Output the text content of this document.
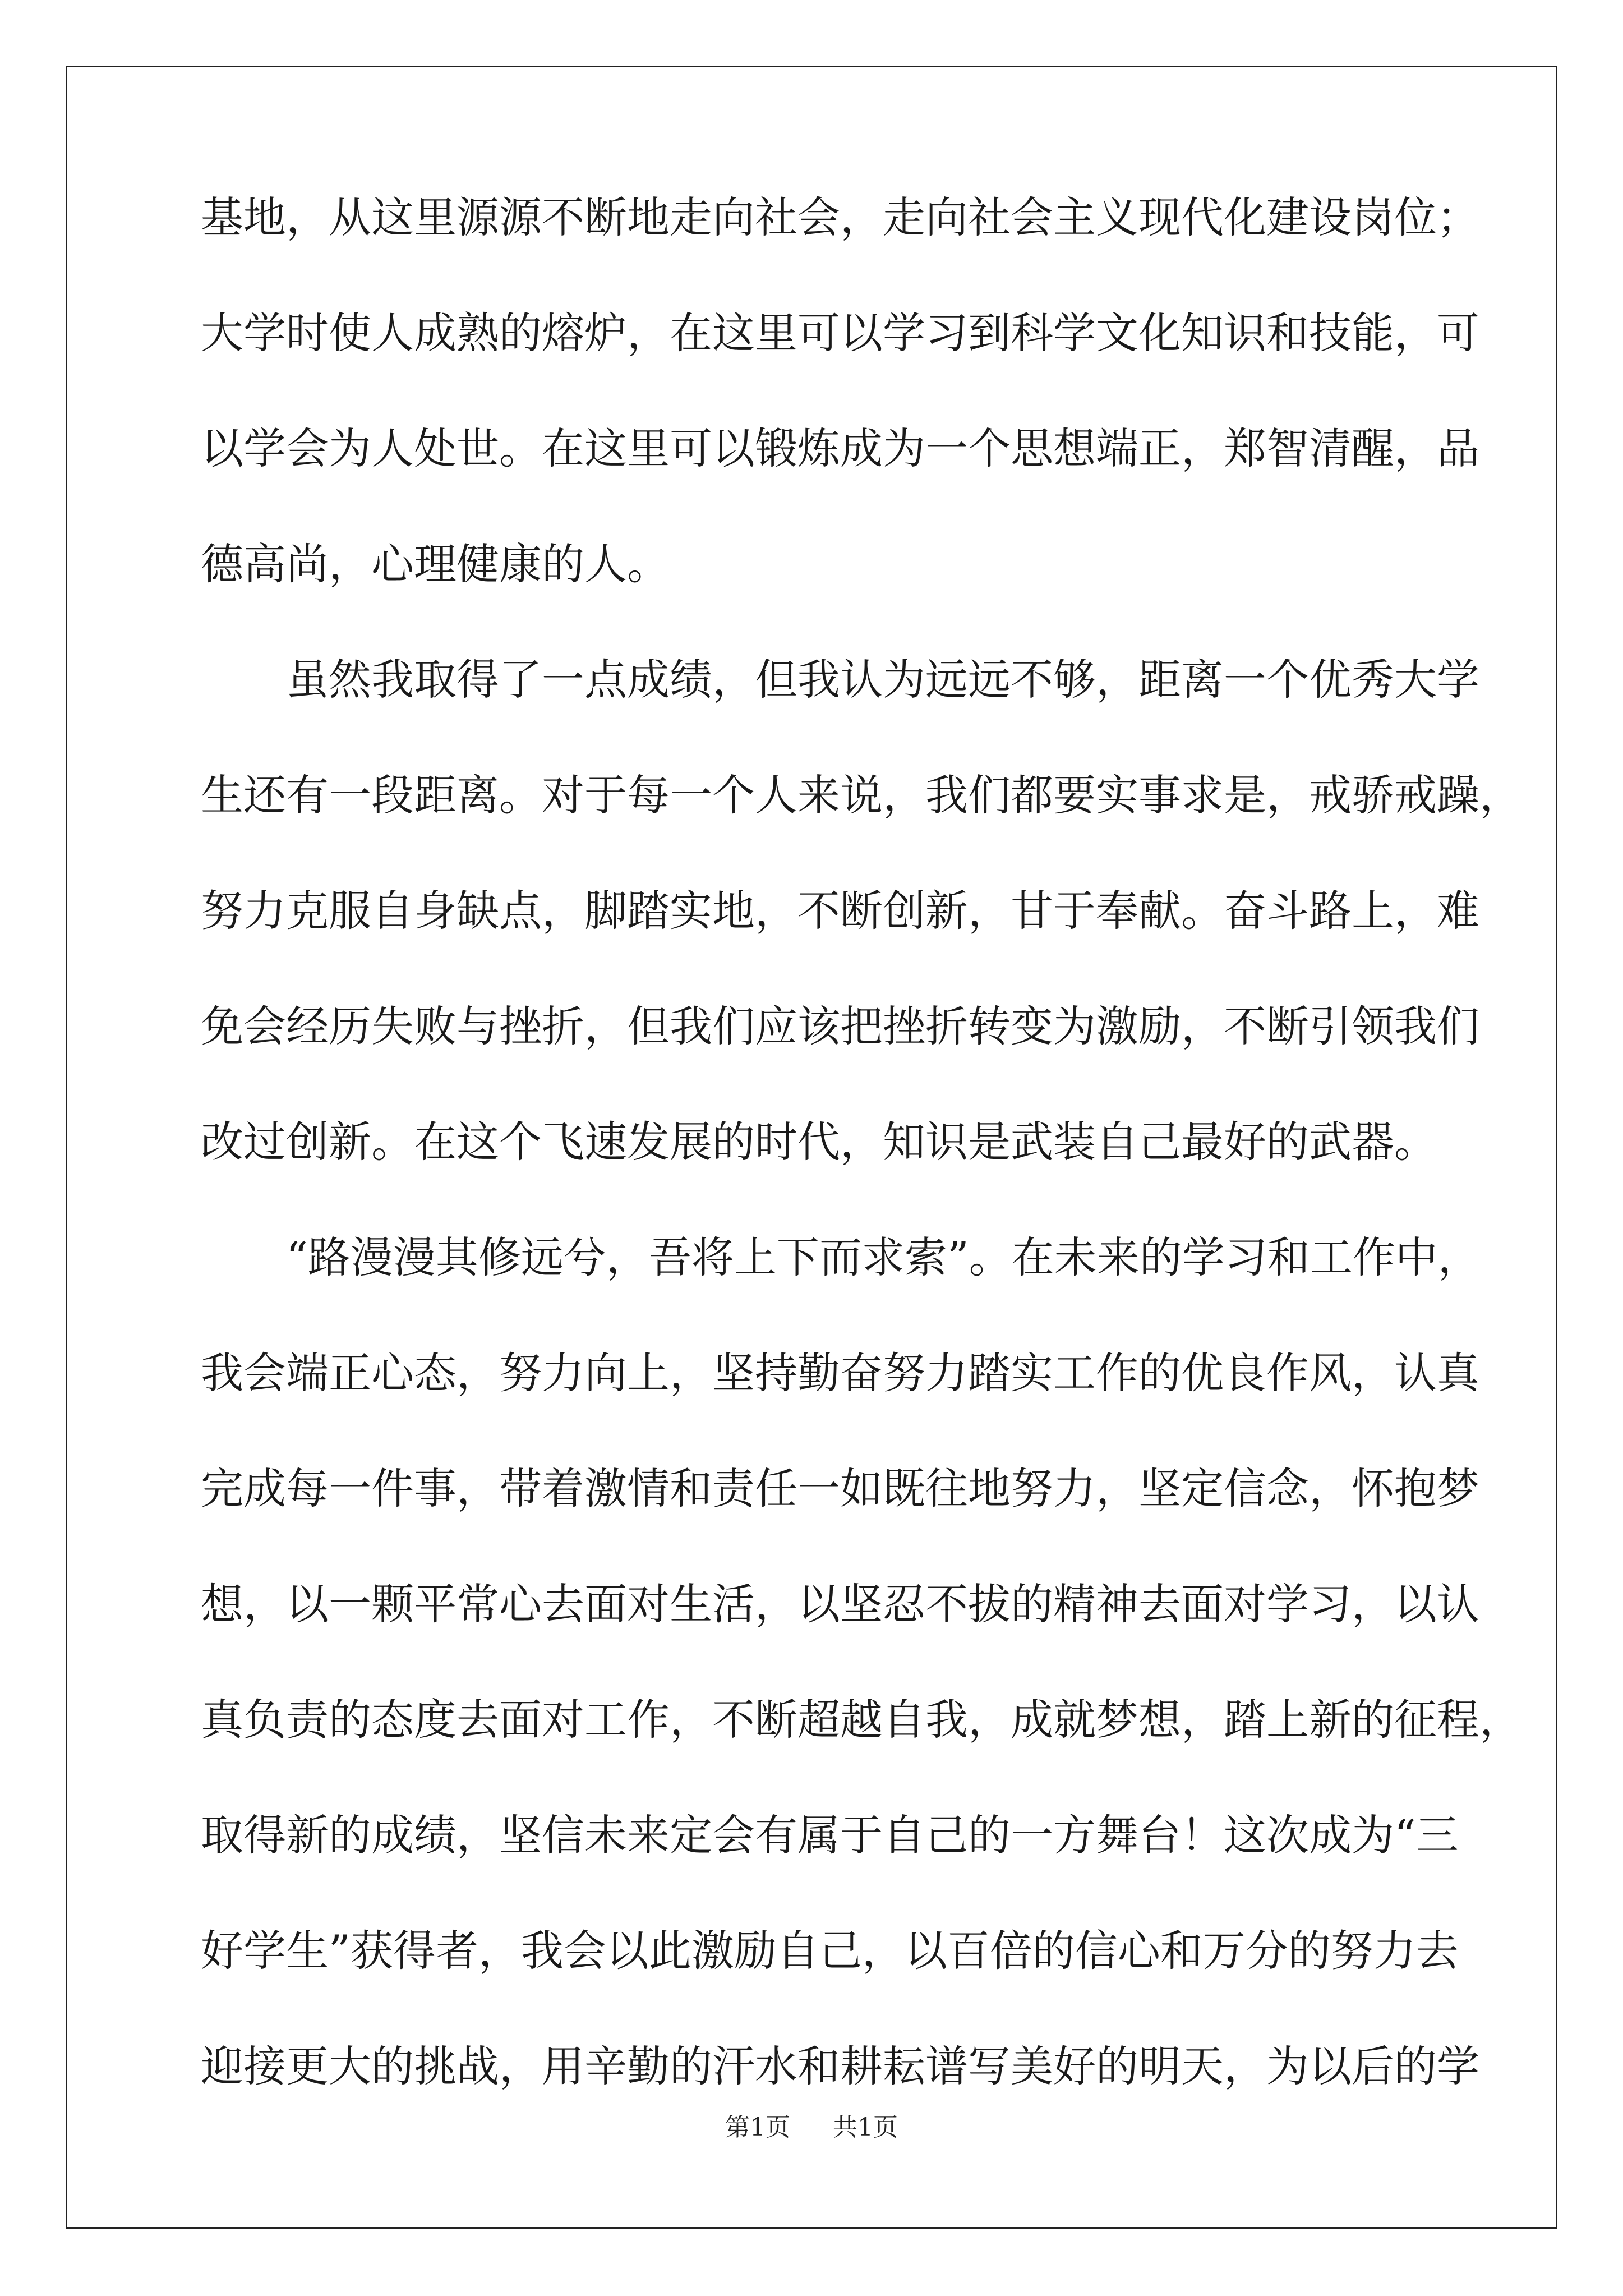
基地，从这里源源不断地走向社会，走向社会主义现代化建设岗位；
大学时使人成熟的熔炉，在这里可以学习到科学文化知识和技能，可
以学会为人处世。在这里可以锻炼成为一个思想端正，郑智清醒，品
德高尚，心理健康的人。
虽然我取得了一点成绩，但我认为远远不够，距离一个优秀大学
生还有一段距离。对于每一个人来说，我们都要实事求是，戒骄戒躁，
努力克服自身缺点，脚踏实地，不断创新，甘于奉献。奋斗路上，难
免会经历失败与挫折，但我们应该把挫折转变为激励，不断引领我们
改过创新。在这个飞速发展的时代，知识是武装自己最好的武器。
“路漫漫其修远兮，吾将上下而求索”。在未来的学习和工作中，
我会端正心态，努力向上，坚持勤奋努力踏实工作的优良作风，认真
完成每一件事，带着激情和责任一如既往地努力，坚定信念，怀抱梦
想，以一颗平常心去面对生活，以坚忍不拔的精神去面对学习，以认
真负责的态度去面对工作，不断超越自我，成就梦想，踏上新的征程，
取得新的成绩，坚信未来定会有属于自己的一方舞台！这次成为“三
好学生”获得者，我会以此激励自己，以百倍的信心和万分的努力去
迎接更大的挑战，用辛勤的汗水和耕耘谱写美好的明天，为以后的学
第1页 共1页
